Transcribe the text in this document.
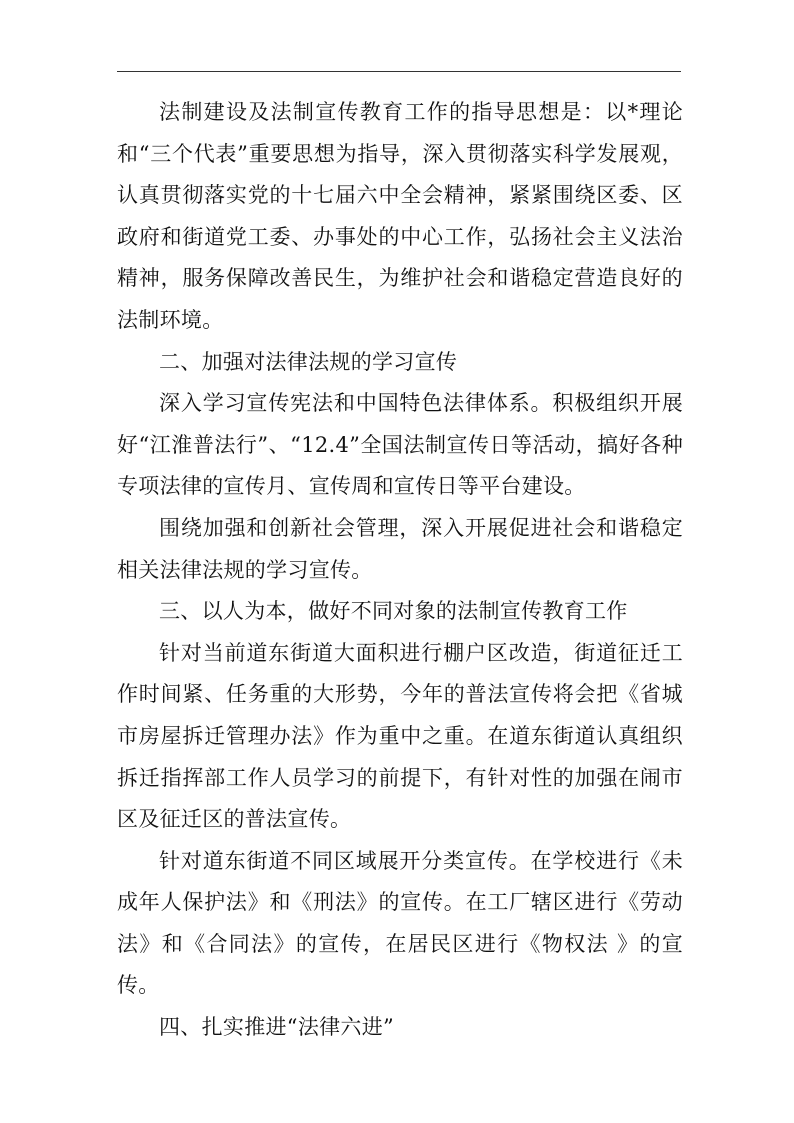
法制建设及法制宣传教育工作的指导思想是：以*理论和“三个代表”重要思想为指导，深入贯彻落实科学发展观，认真贯彻落实党的十七届六中全会精神，紧紧围绕区委、区政府和街道党工委、办事处的中心工作，弘扬社会主义法治精神，服务保障改善民生，为维护社会和谐稳定营造良好的法制环境。

二、加强对法律法规的学习宣传

深入学习宣传宪法和中国特色法律体系。积极组织开展好“江淮普法行”、“12.4”全国法制宣传日等活动，搞好各种专项法律的宣传月、宣传周和宣传日等平台建设。

围绕加强和创新社会管理，深入开展促进社会和谐稳定相关法律法规的学习宣传。

三、以人为本，做好不同对象的法制宣传教育工作

针对当前道东街道大面积进行棚户区改造，街道征迁工作时间紧、任务重的大形势，今年的普法宣传将会把《省城市房屋拆迁管理办法》作为重中之重。在道东街道认真组织拆迁指挥部工作人员学习的前提下，有针对性的加强在闹市区及征迁区的普法宣传。

针对道东街道不同区域展开分类宣传。在学校进行《未成年人保护法》和《刑法》的宣传。在工厂辖区进行《劳动法》和《合同法》的宣传，在居民区进行《物权法 》的宣传。

四、扎实推进“法律六进”
